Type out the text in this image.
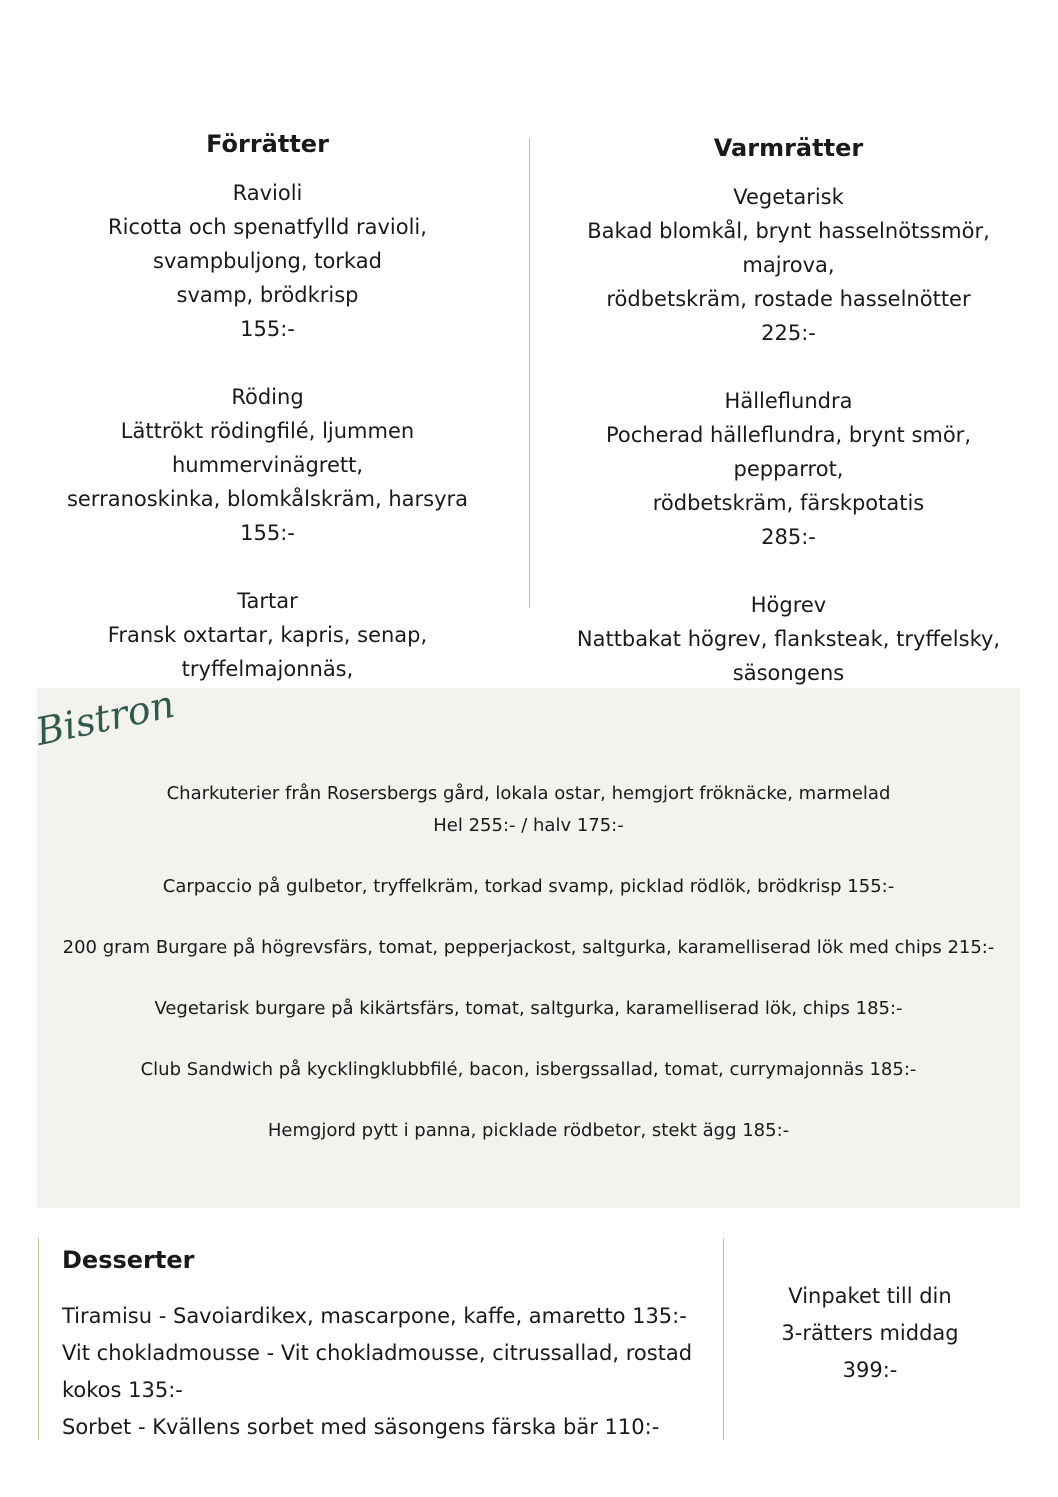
Förrätter
Ravioli
Ricotta och spenatfylld ravioli, svampbuljong, torkad
svamp, brödkrisp
155:-
Röding
Lättrökt rödingfilé, ljummen hummervinägrett,
serranoskinka, blomkålskräm, harsyra
155:-
Tartar
Fransk oxtartar, kapris, senap, tryffelmajonnäs,
Varmrätter
Vegetarisk
Bakad blomkål, brynt hasselnötssmör, majrova,
rödbetskräm, rostade hasselnötter
225:-
Hälleflundra
Pocherad hälleflundra, brynt smör, pepparrot,
rödbetskräm, färskpotatis
285:-
Högrev
Nattbakat högrev, flanksteak, tryffelsky, säsongens
Bistron
Charkuterier från Rosersbergs gård, lokala ostar, hemgjort fröknäcke, marmelad
Hel 255:- / halv 175:-
Carpaccio på gulbetor, tryffelkräm, torkad svamp, picklad rödlök, brödkrisp 155:-
200 gram Burgare på högrevsfärs, tomat, pepperjackost, saltgurka, karamelliserad lök med chips 215:-
Vegetarisk burgare på kikärtsfärs, tomat, saltgurka, karamelliserad lök, chips 185:-
Club Sandwich på kycklingklubbfilé, bacon, isbergssallad, tomat, currymajonnäs 185:-
Hemgjord pytt i panna, picklade rödbetor, stekt ägg 185:-
Desserter
Tiramisu - Savoiardikex, mascarpone, kaffe, amaretto 135:-
Vit chokladmousse - Vit chokladmousse, citrussallad, rostad kokos 135:-
Sorbet - Kvällens sorbet med säsongens färska bär 110:-
Vinpaket till din
3-rätters middag
399:-
